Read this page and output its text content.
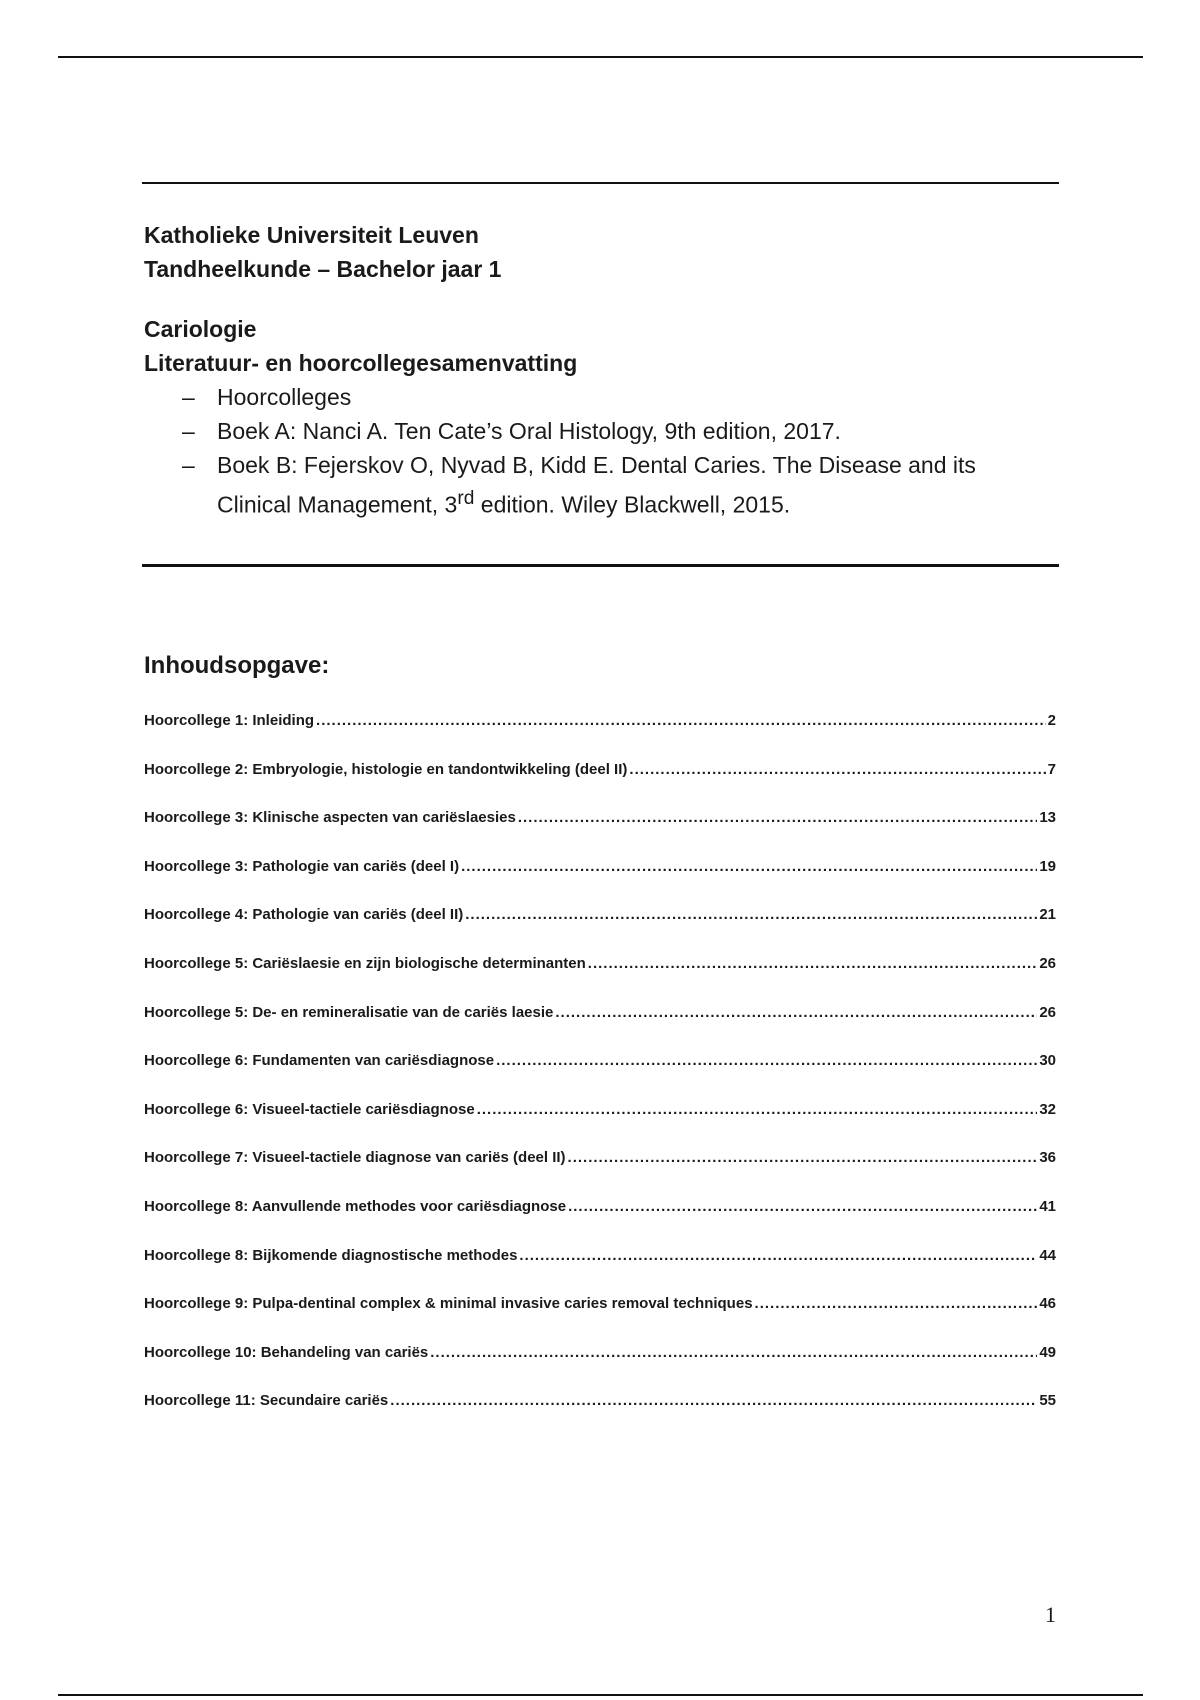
Katholieke Universiteit Leuven

Tandheelkunde – Bachelor jaar 1

Cariologie

Literatuur- en hoorcollegesamenvatting

– Hoorcolleges
– Boek A: Nanci A. Ten Cate’s Oral Histology, 9th edition, 2017.
– Boek B: Fejerskov O, Nyvad B, Kidd E. Dental Caries. The Disease and its Clinical Management, 3rd edition. Wiley Blackwell, 2015.
Inhoudsopgave:
Hoorcollege 1: Inleiding .....	2
Hoorcollege 2: Embryologie, histologie en tandontwikkeling (deel II) .....	7
Hoorcollege 3: Klinische aspecten van cariëslaesies .....	13
Hoorcollege 3: Pathologie van cariës (deel I) .....	19
Hoorcollege 4: Pathologie van cariës (deel II) .....	21
Hoorcollege 5: Cariëslaesie en zijn biologische determinanten .....	26
Hoorcollege 5: De- en remineralisatie van de cariës laesie .....	26
Hoorcollege 6: Fundamenten van cariësdiagnose .....	30
Hoorcollege 6: Visueel-tactiele cariësdiagnose .....	32
Hoorcollege 7: Visueel-tactiele diagnose van cariës (deel II) .....	36
Hoorcollege 8: Aanvullende methodes voor cariësdiagnose .....	41
Hoorcollege 8: Bijkomende diagnostische methodes .....	44
Hoorcollege 9: Pulpa-dentinal complex & minimal invasive caries removal techniques .....	46
Hoorcollege 10: Behandeling van cariës .....	49
Hoorcollege 11: Secundaire cariës .....	55
1
